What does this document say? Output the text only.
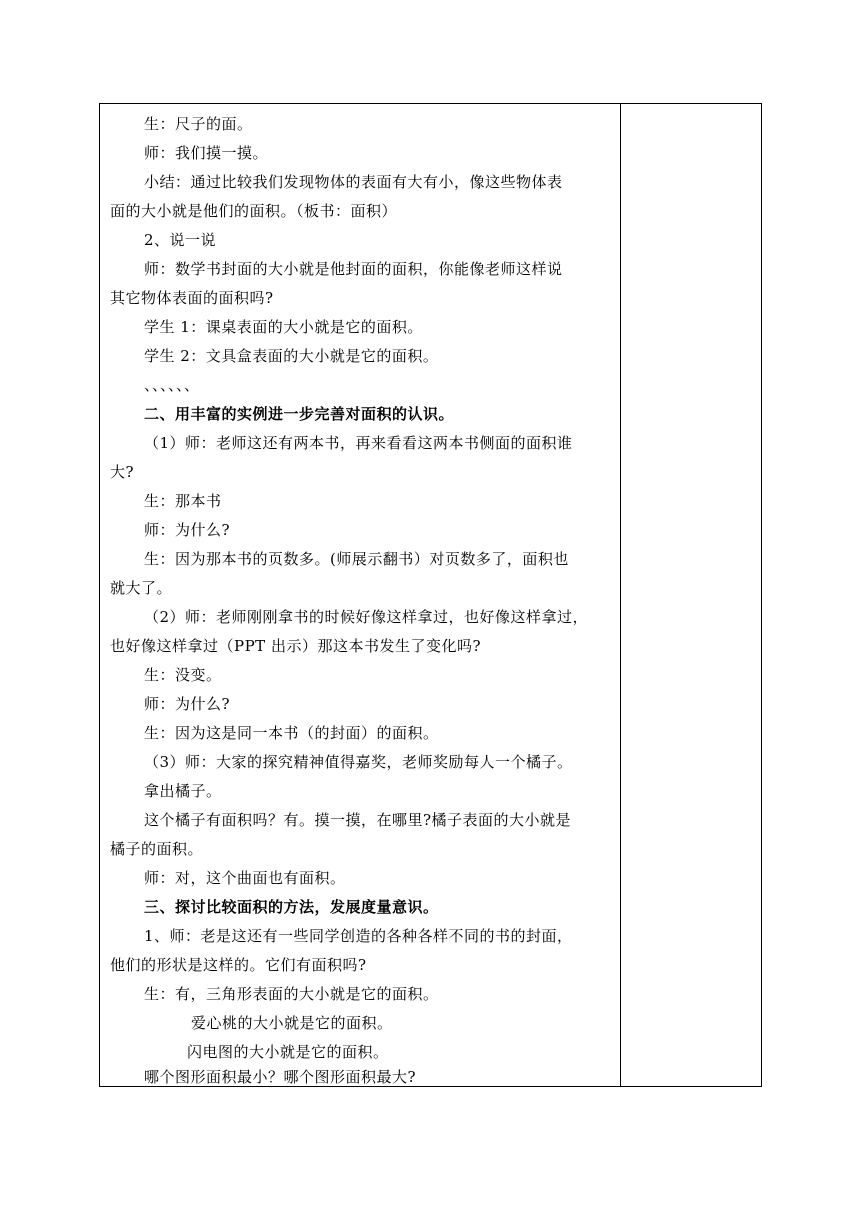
生：尺子的面。
师：我们摸一摸。
小结：通过比较我们发现物体的表面有大有小，像这些物体表
面的大小就是他们的面积。（板书：面积）
2、说一说
师：数学书封面的大小就是他封面的面积，你能像老师这样说
其它物体表面的面积吗?
学生 1：课桌表面的大小就是它的面积。
学生 2：文具盒表面的大小就是它的面积。
、、、、、、
二、用丰富的实例进一步完善对面积的认识。
（1）师：老师这还有两本书，再来看看这两本书侧面的面积谁
大?
生：那本书
师：为什么?
生：因为那本书的页数多。(师展示翻书）对页数多了，面积也
就大了。
（2）师：老师刚刚拿书的时候好像这样拿过，也好像这样拿过，
也好像这样拿过（PPT 出示）那这本书发生了变化吗?
生：没变。
师：为什么?
生：因为这是同一本书（的封面）的面积。
（3）师：大家的探究精神值得嘉奖，老师奖励每人一个橘子。
拿出橘子。
这个橘子有面积吗？有。摸一摸，在哪里?橘子表面的大小就是
橘子的面积。
师：对，这个曲面也有面积。
三、探讨比较面积的方法，发展度量意识。
1、师：老是这还有一些同学创造的各种各样不同的书的封面，
他们的形状是这样的。它们有面积吗?
生：有，三角形表面的大小就是它的面积。
爱心桃的大小就是它的面积。
闪电图的大小就是它的面积。
哪个图形面积最小？哪个图形面积最大?
